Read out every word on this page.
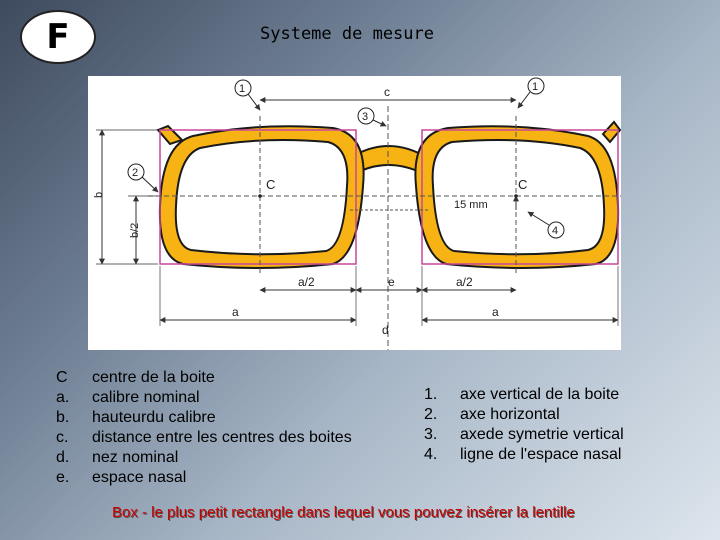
F	Systeme de mesure
c
C	C
15 mm
b
b/2
a/2	e	a/2
a	a
d
1	1
2
3
4
C	centre de la boite
a.	calibre nominal
b.	hauteurdu calibre
c.	distance entre les centres des boites
d.	nez nominal
e.	espace nasal
1.	axe vertical de la boite
2.	axe horizontal
3.	axede symetrie vertical
4.	ligne de l'espace nasal
Box - le plus petit rectangle dans lequel vous pouvez insérer la lentille
